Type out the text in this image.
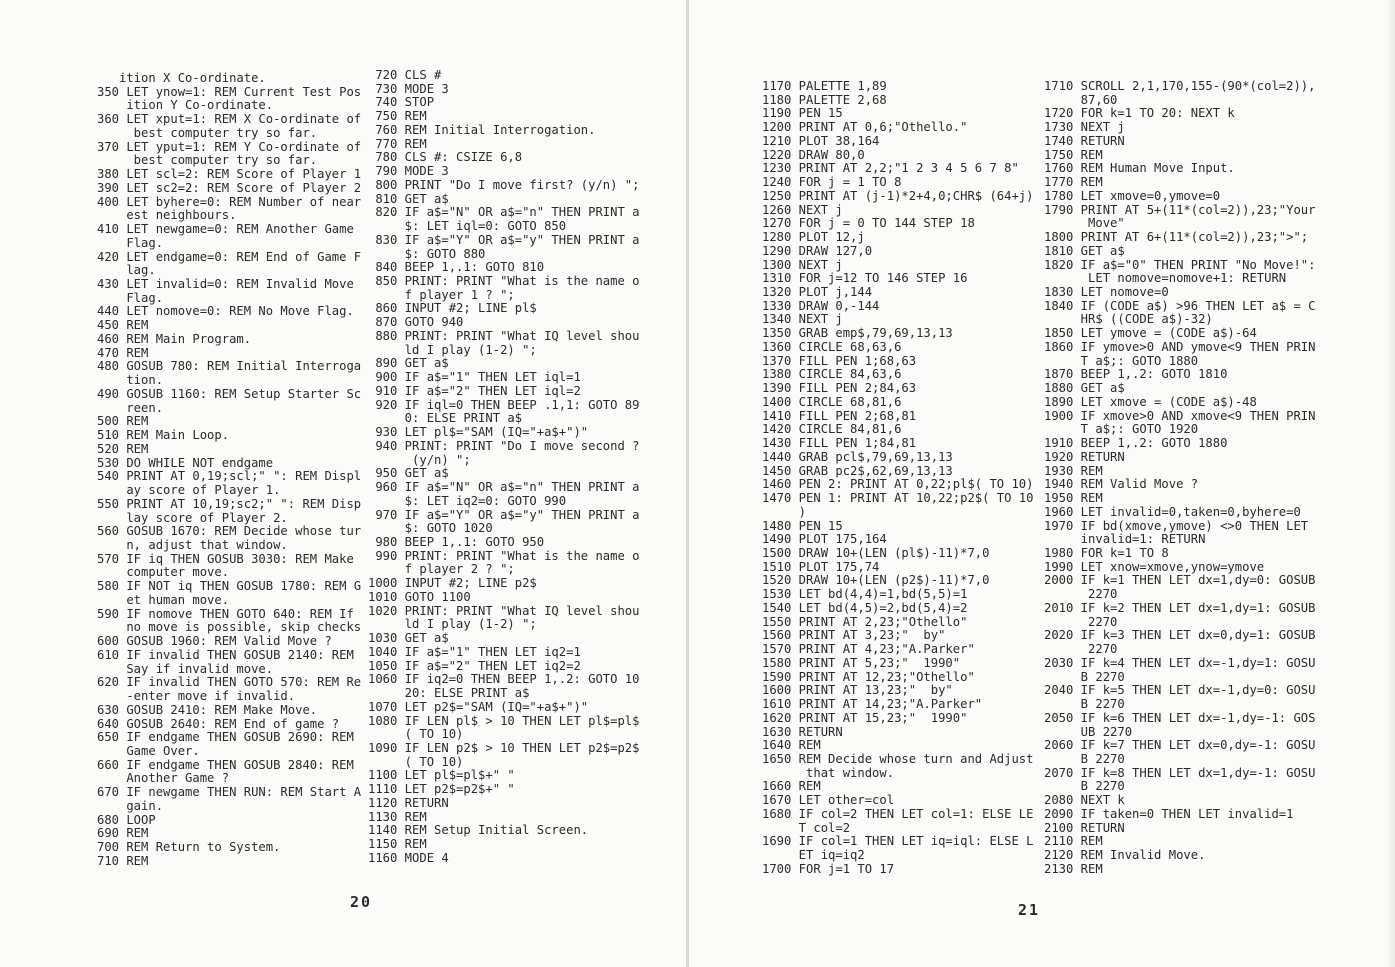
ition X Co-ordinate.
350 LET ynow=1: REM Current Test Pos
ition Y Co-ordinate.
360 LET xput=1: REM X Co-ordinate of
best computer try so far.
370 LET yput=1: REM Y Co-ordinate of
best computer try so far.
380 LET scl=2: REM Score of Player 1
390 LET sc2=2: REM Score of Player 2
400 LET byhere=0: REM Number of near
est neighbours.
410 LET newgame=0: REM Another Game
Flag.
420 LET endgame=0: REM End of Game F
lag.
430 LET invalid=0: REM Invalid Move
Flag.
440 LET nomove=0: REM No Move Flag.
450 REM
460 REM Main Program.
470 REM
480 GOSUB 780: REM Initial Interroga
tion.
490 GOSUB 1160: REM Setup Starter Sc
reen.
500 REM
510 REM Main Loop.
520 REM
530 DO WHILE NOT endgame
540 PRINT AT 0,19;scl;" ": REM Displ
ay score of Player 1.
550 PRINT AT 10,19;sc2;" ": REM Disp
lay score of Player 2.
560 GOSUB 1670: REM Decide whose tur
n, adjust that window.
570 IF iq THEN GOSUB 3030: REM Make
computer move.
580 IF NOT iq THEN GOSUB 1780: REM G
et human move.
590 IF nomove THEN GOTO 640: REM If
no move is possible, skip checks
600 GOSUB 1960: REM Valid Move ?
610 IF invalid THEN GOSUB 2140: REM
Say if invalid move.
620 IF invalid THEN GOTO 570: REM Re
-enter move if invalid.
630 GOSUB 2410: REM Make Move.
640 GOSUB 2640: REM End of game ?
650 IF endgame THEN GOSUB 2690: REM
Game Over.
660 IF endgame THEN GOSUB 2840: REM
Another Game ?
670 IF newgame THEN RUN: REM Start A
gain.
680 LOOP
690 REM
700 REM Return to System.
710 REM
720 CLS #
730 MODE 3
740 STOP
750 REM
760 REM Initial Interrogation.
770 REM
780 CLS #: CSIZE 6,8
790 MODE 3
800 PRINT "Do I move first? (y/n) ";
810 GET a$
820 IF a$="N" OR a$="n" THEN PRINT a
$: LET iql=0: GOTO 850
830 IF a$="Y" OR a$="y" THEN PRINT a
$: GOTO 880
840 BEEP 1,.1: GOTO 810
850 PRINT: PRINT "What is the name o
f player 1 ? ";
860 INPUT #2; LINE pl$
870 GOTO 940
880 PRINT: PRINT "What IQ level shou
ld I play (1-2) ";
890 GET a$
900 IF a$="1" THEN LET iql=1
910 IF a$="2" THEN LET iql=2
920 IF iql=0 THEN BEEP .1,1: GOTO 89
0: ELSE PRINT a$
930 LET pl$="SAM (IQ="+a$+")"
940 PRINT: PRINT "Do I move second ?
(y/n) ";
950 GET a$
960 IF a$="N" OR a$="n" THEN PRINT a
$: LET iq2=0: GOTO 990
970 IF a$="Y" OR a$="y" THEN PRINT a
$: GOTO 1020
980 BEEP 1,.1: GOTO 950
990 PRINT: PRINT "What is the name o
f player 2 ? ";
1000 INPUT #2; LINE p2$
1010 GOTO 1100
1020 PRINT: PRINT "What IQ level shou
ld I play (1-2) ";
1030 GET a$
1040 IF a$="1" THEN LET iq2=1
1050 IF a$="2" THEN LET iq2=2
1060 IF iq2=0 THEN BEEP 1,.2: GOTO 10
20: ELSE PRINT a$
1070 LET p2$="SAM (IQ="+a$+")"
1080 IF LEN pl$ > 10 THEN LET pl$=pl$
( TO 10)
1090 IF LEN p2$ > 10 THEN LET p2$=p2$
( TO 10)
1100 LET pl$=pl$+" "
1110 LET p2$=p2$+" "
1120 RETURN
1130 REM
1140 REM Setup Initial Screen.
1150 REM
1160 MODE 4
20
1170 PALETTE 1,89
1180 PALETTE 2,68
1190 PEN 15
1200 PRINT AT 0,6;"Othello."
1210 PLOT 38,164
1220 DRAW 80,0
1230 PRINT AT 2,2;"1 2 3 4 5 6 7 8"
1240 FOR j = 1 TO 8
1250 PRINT AT (j-1)*2+4,0;CHR$ (64+j)
1260 NEXT j
1270 FOR j = 0 TO 144 STEP 18
1280 PLOT 12,j
1290 DRAW 127,0
1300 NEXT j
1310 FOR j=12 TO 146 STEP 16
1320 PLOT j,144
1330 DRAW 0,-144
1340 NEXT j
1350 GRAB emp$,79,69,13,13
1360 CIRCLE 68,63,6
1370 FILL PEN 1;68,63
1380 CIRCLE 84,63,6
1390 FILL PEN 2;84,63
1400 CIRCLE 68,81,6
1410 FILL PEN 2;68,81
1420 CIRCLE 84,81,6
1430 FILL PEN 1;84,81
1440 GRAB pcl$,79,69,13,13
1450 GRAB pc2$,62,69,13,13
1460 PEN 2: PRINT AT 0,22;pl$( TO 10)
1470 PEN 1: PRINT AT 10,22;p2$( TO 10
)
1480 PEN 15
1490 PLOT 175,164
1500 DRAW 10+(LEN (pl$)-11)*7,0
1510 PLOT 175,74
1520 DRAW 10+(LEN (p2$)-11)*7,0
1530 LET bd(4,4)=1,bd(5,5)=1
1540 LET bd(4,5)=2,bd(5,4)=2
1550 PRINT AT 2,23;"Othello"
1560 PRINT AT 3,23;"  by"
1570 PRINT AT 4,23;"A.Parker"
1580 PRINT AT 5,23;"  1990"
1590 PRINT AT 12,23;"Othello"
1600 PRINT AT 13,23;"  by"
1610 PRINT AT 14,23;"A.Parker"
1620 PRINT AT 15,23;"  1990"
1630 RETURN
1640 REM
1650 REM Decide whose turn and Adjust
that window.
1660 REM
1670 LET other=col
1680 IF col=2 THEN LET col=1: ELSE LE
T col=2
1690 IF col=1 THEN LET iq=iql: ELSE L
ET iq=iq2
1700 FOR j=1 TO 17
1710 SCROLL 2,1,170,155-(90*(col=2)),
87,60
1720 FOR k=1 TO 20: NEXT k
1730 NEXT j
1740 RETURN
1750 REM
1760 REM Human Move Input.
1770 REM
1780 LET xmove=0,ymove=0
1790 PRINT AT 5+(11*(col=2)),23;"Your
Move"
1800 PRINT AT 6+(11*(col=2)),23;">";
1810 GET a$
1820 IF a$="0" THEN PRINT "No Move!":
LET nomove=nomove+1: RETURN
1830 LET nomove=0
1840 IF (CODE a$) >96 THEN LET a$ = C
HR$ ((CODE a$)-32)
1850 LET ymove = (CODE a$)-64
1860 IF ymove>0 AND ymove<9 THEN PRIN
T a$;: GOTO 1880
1870 BEEP 1,.2: GOTO 1810
1880 GET a$
1890 LET xmove = (CODE a$)-48
1900 IF xmove>0 AND xmove<9 THEN PRIN
T a$;: GOTO 1920
1910 BEEP 1,.2: GOTO 1880
1920 RETURN
1930 REM
1940 REM Valid Move ?
1950 REM
1960 LET invalid=0,taken=0,byhere=0
1970 IF bd(xmove,ymove) <>0 THEN LET
invalid=1: RETURN
1980 FOR k=1 TO 8
1990 LET xnow=xmove,ynow=ymove
2000 IF k=1 THEN LET dx=1,dy=0: GOSUB
2270
2010 IF k=2 THEN LET dx=1,dy=1: GOSUB
2270
2020 IF k=3 THEN LET dx=0,dy=1: GOSUB
2270
2030 IF k=4 THEN LET dx=-1,dy=1: GOSU
B 2270
2040 IF k=5 THEN LET dx=-1,dy=0: GOSU
B 2270
2050 IF k=6 THEN LET dx=-1,dy=-1: GOS
UB 2270
2060 IF k=7 THEN LET dx=0,dy=-1: GOSU
B 2270
2070 IF k=8 THEN LET dx=1,dy=-1: GOSU
B 2270
2080 NEXT k
2090 IF taken=0 THEN LET invalid=1
2100 RETURN
2110 REM
2120 REM Invalid Move.
2130 REM
21
